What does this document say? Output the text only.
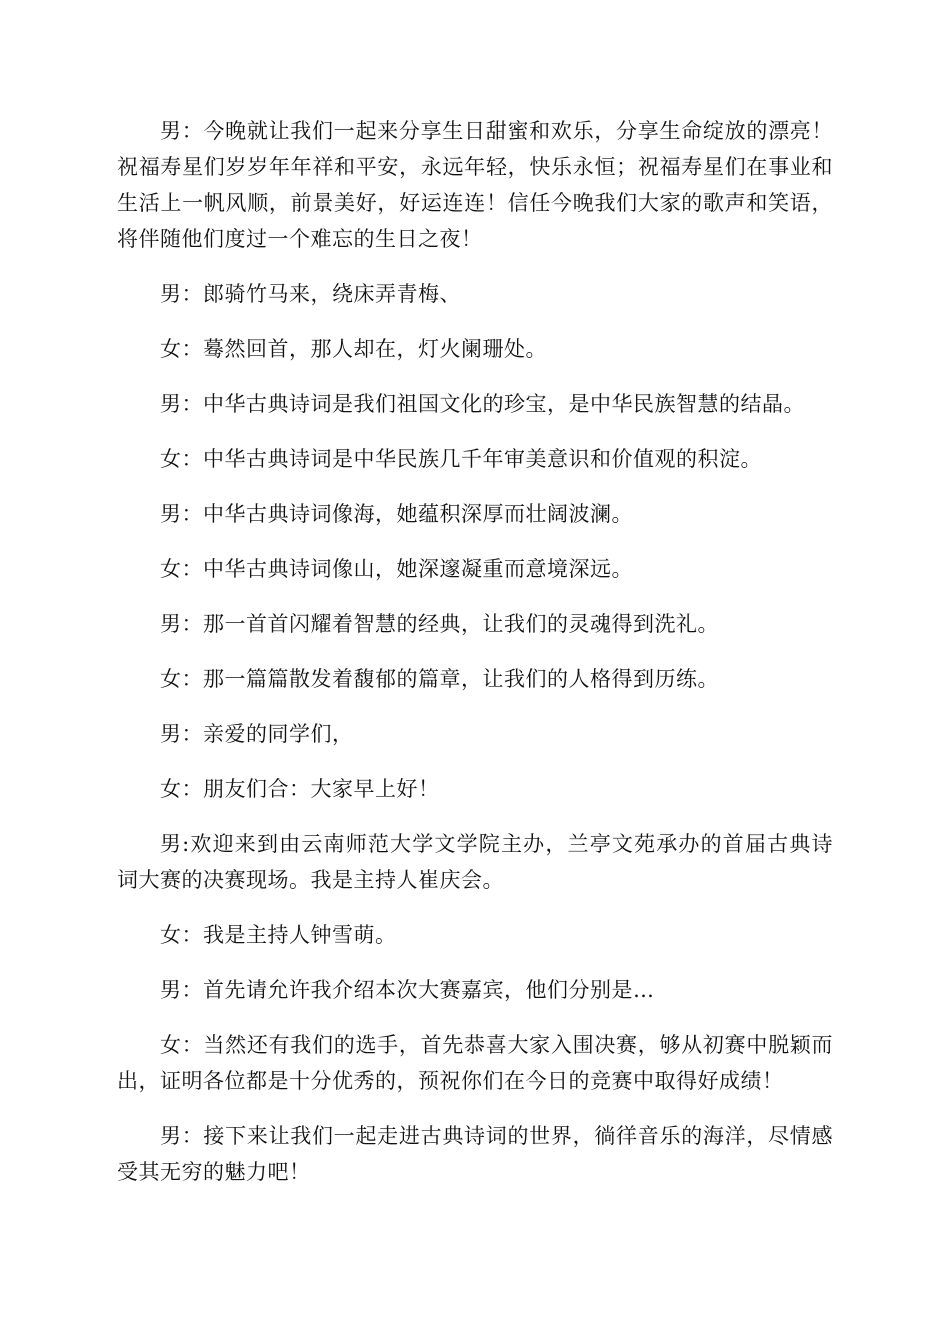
男：今晚就让我们一起来分享生日甜蜜和欢乐，分享生命绽放的漂亮！祝福寿星们岁岁年年祥和平安，永远年轻，快乐永恒；祝福寿星们在事业和生活上一帆风顺，前景美好，好运连连！信任今晚我们大家的歌声和笑语，将伴随他们度过一个难忘的生日之夜！

男：郎骑竹马来，绕床弄青梅、

女：蓦然回首，那人却在，灯火阑珊处。

男：中华古典诗词是我们祖国文化的珍宝，是中华民族智慧的结晶。

女：中华古典诗词是中华民族几千年审美意识和价值观的积淀。

男：中华古典诗词像海，她蕴积深厚而壮阔波澜。

女：中华古典诗词像山，她深邃凝重而意境深远。

男：那一首首闪耀着智慧的经典，让我们的灵魂得到洗礼。

女：那一篇篇散发着馥郁的篇章，让我们的人格得到历练。

男：亲爱的同学们，

女：朋友们合：大家早上好！

男:欢迎来到由云南师范大学文学院主办，兰亭文苑承办的首届古典诗词大赛的决赛现场。我是主持人崔庆会。

女：我是主持人钟雪萌。

男：首先请允许我介绍本次大赛嘉宾，他们分别是…

女：当然还有我们的选手，首先恭喜大家入围决赛，够从初赛中脱颖而出，证明各位都是十分优秀的，预祝你们在今日的竞赛中取得好成绩！

男：接下来让我们一起走进古典诗词的世界，徜徉音乐的海洋，尽情感受其无穷的魅力吧！
